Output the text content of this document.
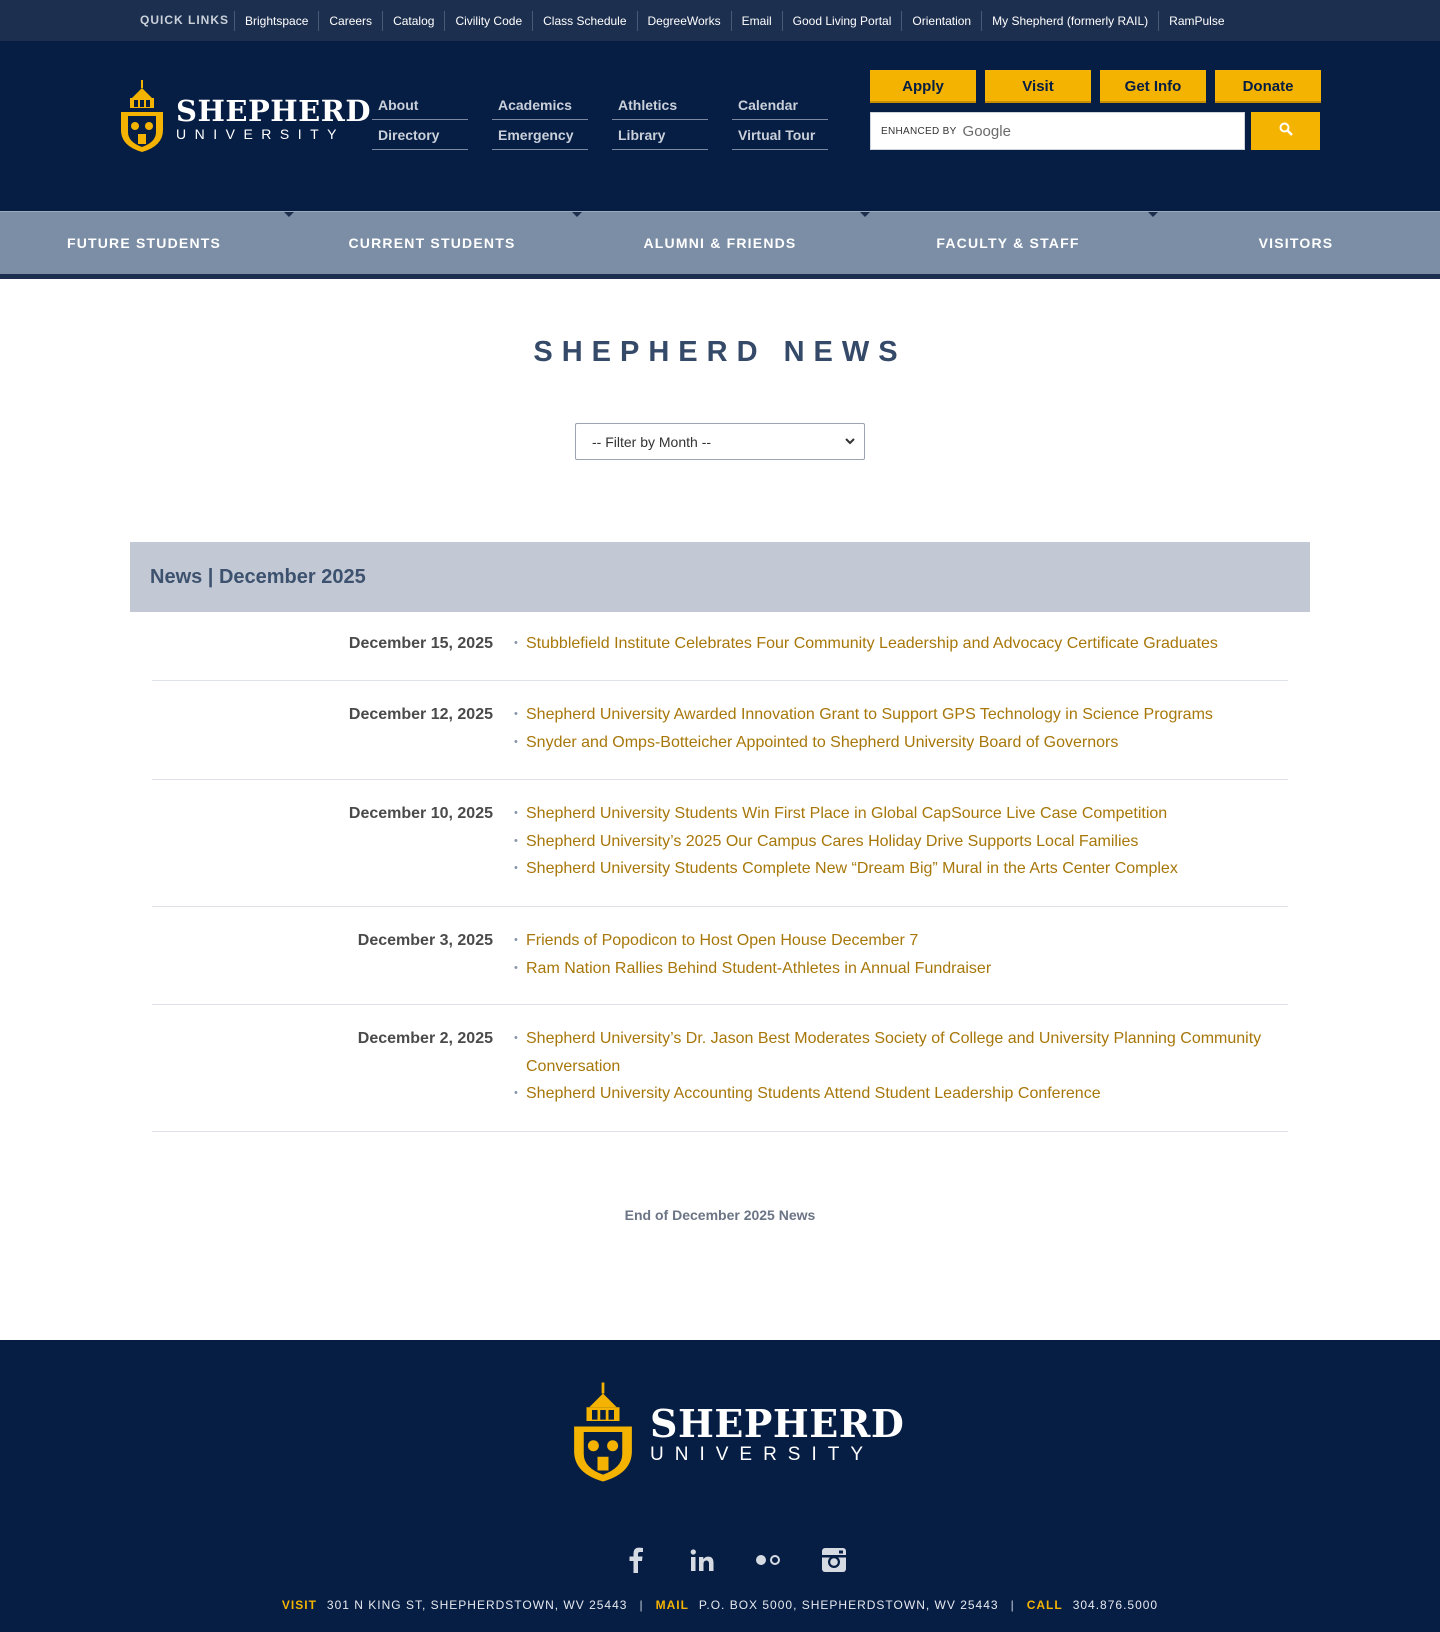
QUICK LINKS	Brightspace	Careers	Catalog	Civility Code	Class Schedule	DegreeWorks	Email	Good Living Portal	Orientation	My Shepherd (formerly RAIL)	RamPulse
SHEPHERD
UNIVERSITY
About	Academics	Athletics	Calendar
Directory	Emergency	Library	Virtual Tour
Apply	Visit	Get Info	Donate
ENHANCED BY Google
FUTURE STUDENTS	CURRENT STUDENTS	ALUMNI & FRIENDS	FACULTY & STAFF	VISITORS
SHEPHERD NEWS
-- Filter by Month --
News | December 2025
December 15, 2025	• Stubblefield Institute Celebrates Four Community Leadership and Advocacy Certificate Graduates
December 12, 2025	• Shepherd University Awarded Innovation Grant to Support GPS Technology in Science Programs
• Snyder and Omps-Botteicher Appointed to Shepherd University Board of Governors
December 10, 2025	• Shepherd University Students Win First Place in Global CapSource Live Case Competition
• Shepherd University’s 2025 Our Campus Cares Holiday Drive Supports Local Families
• Shepherd University Students Complete New “Dream Big” Mural in the Arts Center Complex
December 3, 2025	• Friends of Popodicon to Host Open House December 7
• Ram Nation Rallies Behind Student-Athletes in Annual Fundraiser
December 2, 2025	• Shepherd University’s Dr. Jason Best Moderates Society of College and University Planning Community Conversation
• Shepherd University Accounting Students Attend Student Leadership Conference
End of December 2025 News
SHEPHERD
UNIVERSITY
VISIT 301 N KING ST, SHEPHERDSTOWN, WV 25443 | MAIL P.O. BOX 5000, SHEPHERDSTOWN, WV 25443 | CALL 304.876.5000
